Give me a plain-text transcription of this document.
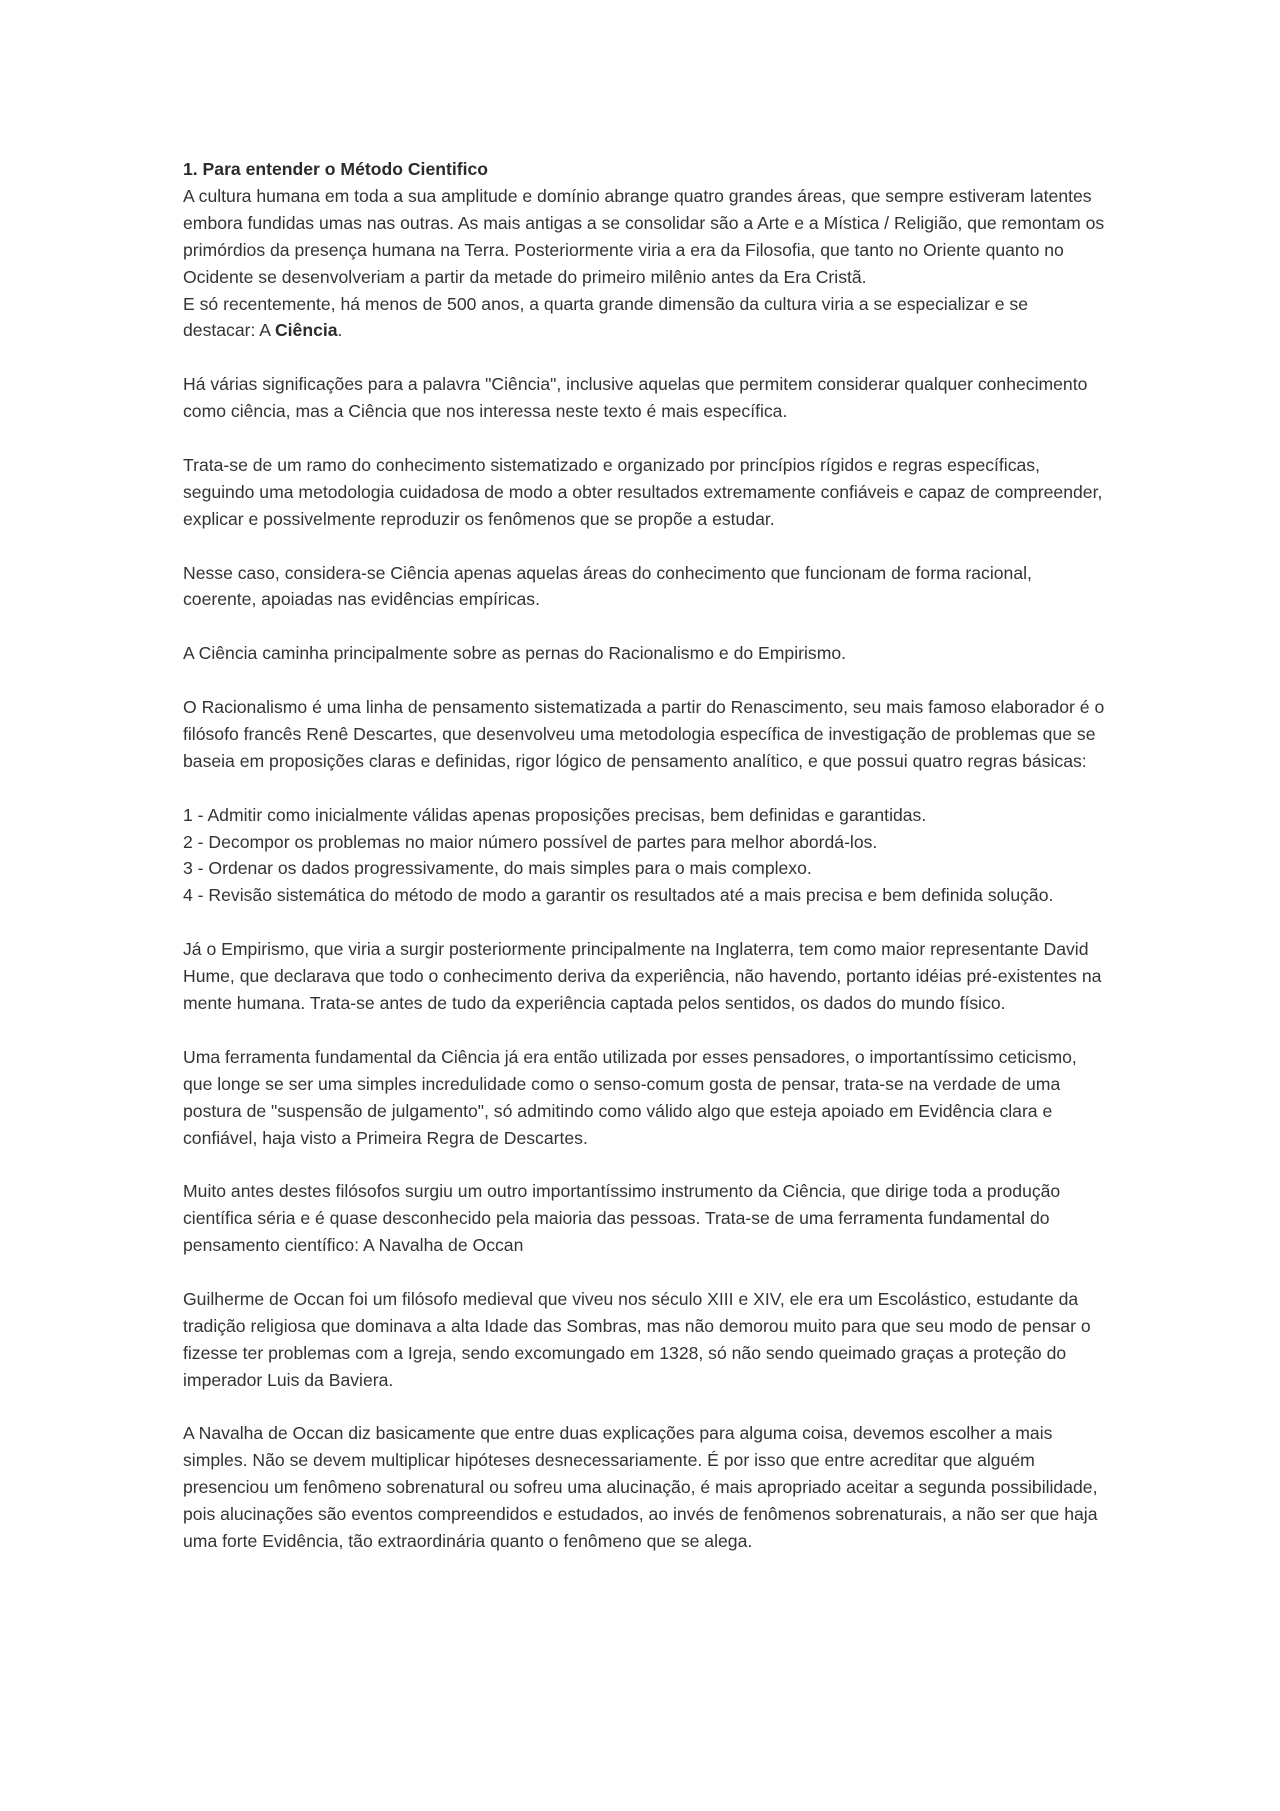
1. Para entender o Método Cientifico

A cultura humana em toda a sua amplitude e domínio abrange quatro grandes áreas, que sempre estiveram latentes embora fundidas umas nas outras. As mais antigas a se consolidar são a Arte e a Mística / Religião, que remontam os primórdios da presença humana na Terra. Posteriormente viria a era da Filosofia, que tanto no Oriente quanto no Ocidente se desenvolveriam a partir da metade do primeiro milênio antes da Era Cristã.

E só recentemente, há menos de 500 anos, a quarta grande dimensão da cultura viria a se especializar e se destacar: A Ciência.

Há várias significações para a palavra "Ciência", inclusive aquelas que permitem considerar qualquer conhecimento como ciência, mas a Ciência que nos interessa neste texto é mais específica.

Trata-se de um ramo do conhecimento sistematizado e organizado por princípios rígidos e regras específicas, seguindo uma metodologia cuidadosa de modo a obter resultados extremamente confiáveis e capaz de compreender, explicar e possivelmente reproduzir os fenômenos que se propõe a estudar.

Nesse caso, considera-se Ciência apenas aquelas áreas do conhecimento que funcionam de forma racional, coerente, apoiadas nas evidências empíricas.

A Ciência caminha principalmente sobre as pernas do Racionalismo e do Empirismo.

O Racionalismo é uma linha de pensamento sistematizada a partir do Renascimento, seu mais famoso elaborador é o filósofo francês Renê Descartes, que desenvolveu uma metodologia específica de investigação de problemas que se baseia em proposições claras e definidas, rigor lógico de pensamento analítico, e que possui quatro regras básicas:

1 - Admitir como inicialmente válidas apenas proposições precisas, bem definidas e garantidas.

2 - Decompor os problemas no maior número possível de partes para melhor abordá-los.

3 - Ordenar os dados progressivamente, do mais simples para o mais complexo.

4 - Revisão sistemática do método de modo a garantir os resultados até a mais precisa e bem definida solução.

Já o Empirismo, que viria a surgir posteriormente principalmente na Inglaterra, tem como maior representante David Hume, que declarava que todo o conhecimento deriva da experiência, não havendo, portanto idéias pré-existentes na mente humana. Trata-se antes de tudo da experiência captada pelos sentidos, os dados do mundo físico.

Uma ferramenta fundamental da Ciência já era então utilizada por esses pensadores, o importantíssimo ceticismo, que longe se ser uma simples incredulidade como o senso-comum gosta de pensar, trata-se na verdade de uma postura de "suspensão de julgamento", só admitindo como válido algo que esteja apoiado em Evidência clara e confiável, haja visto a Primeira Regra de Descartes.

Muito antes destes filósofos surgiu um outro importantíssimo instrumento da Ciência, que dirige toda a produção científica séria e é quase desconhecido pela maioria das pessoas. Trata-se de uma ferramenta fundamental do pensamento científico: A Navalha de Occan

Guilherme de Occan foi um filósofo medieval que viveu nos século XIII e XIV, ele era um Escolástico, estudante da tradição religiosa que dominava a alta Idade das Sombras, mas não demorou muito para que seu modo de pensar o fizesse ter problemas com a Igreja, sendo excomungado em 1328, só não sendo queimado graças a proteção do imperador Luis da Baviera.

A Navalha de Occan diz basicamente que entre duas explicações para alguma coisa, devemos escolher a mais simples. Não se devem multiplicar hipóteses desnecessariamente. É por isso que entre acreditar que alguém presenciou um fenômeno sobrenatural ou sofreu uma alucinação, é mais apropriado aceitar a segunda possibilidade, pois alucinações são eventos compreendidos e estudados, ao invés de fenômenos sobrenaturais, a não ser que haja uma forte Evidência, tão extraordinária quanto o fenômeno que se alega.
